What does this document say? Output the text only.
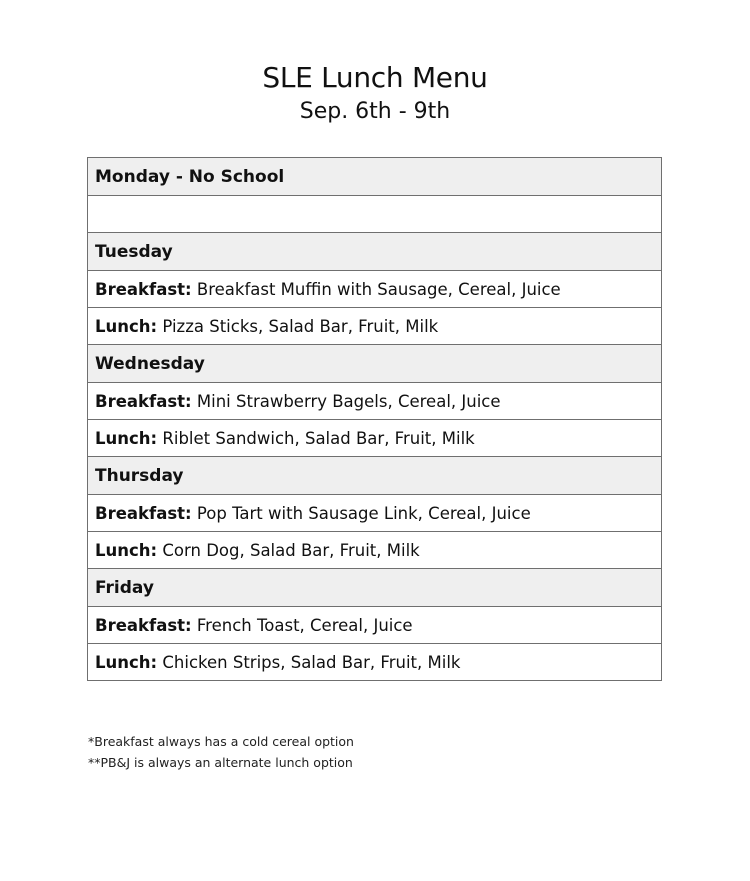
SLE Lunch Menu
Sep. 6th - 9th
Monday - No School

Tuesday
Breakfast: Breakfast Muffin with Sausage, Cereal, Juice
Lunch: Pizza Sticks, Salad Bar, Fruit, Milk
Wednesday
Breakfast: Mini Strawberry Bagels, Cereal, Juice
Lunch: Riblet Sandwich, Salad Bar, Fruit, Milk
Thursday
Breakfast: Pop Tart with Sausage Link, Cereal, Juice
Lunch: Corn Dog, Salad Bar, Fruit, Milk
Friday
Breakfast: French Toast, Cereal, Juice
Lunch: Chicken Strips, Salad Bar, Fruit, Milk
*Breakfast always has a cold cereal option
**PB&J is always an alternate lunch option
